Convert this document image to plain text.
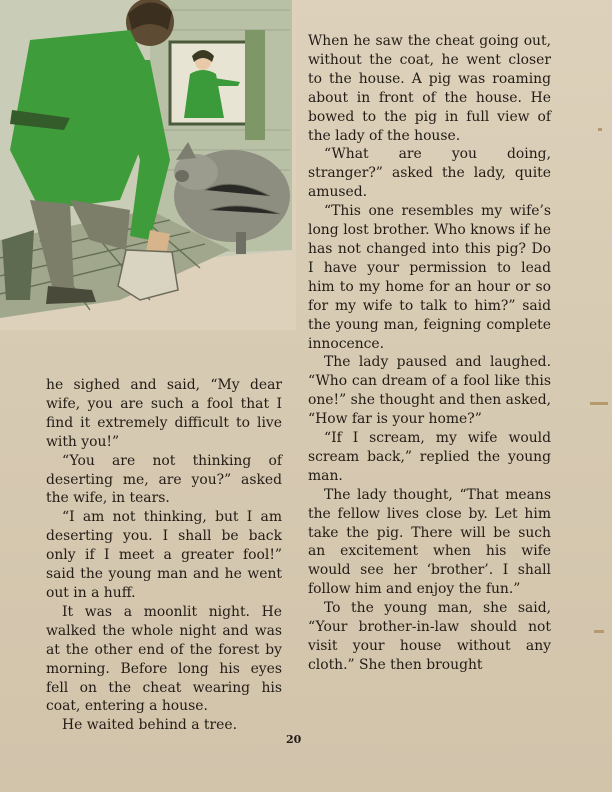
he sighed and said, “My dear wife, you are such a fool that I find it extremely difficult to live with you!”

“You are not thinking of deserting me, are you?” asked the wife, in tears.

“I am not thinking, but I am deserting you. I shall be back only if I meet a greater fool!” said the young man and he went out in a huff.

It was a moonlit night. He walked the whole night and was at the other end of the forest by morning. Before long his eyes fell on the cheat wearing his coat, entering a house.

He waited behind a tree.

When he saw the cheat going out, without the coat, he went closer to the house. A pig was roaming about in front of the house. He bowed to the pig in full view of the lady of the house.

“What are you doing, stranger?” asked the lady, quite amused.

“This one resembles my wife’s long lost brother. Who knows if he has not changed into this pig? Do I have your permission to lead him to my home for an hour or so for my wife to talk to him?” said the young man, feigning complete innocence.

The lady paused and laughed. “Who can dream of a fool like this one!” she thought and then asked, “How far is your home?”

“If I scream, my wife would scream back,” replied the young man.

The lady thought, “That means the fellow lives close by. Let him take the pig. There will be such an excitement when his wife would see her ‘brother’. I shall follow him and enjoy the fun.”

To the young man, she said, “Your brother-in-law should not visit your house without any cloth.” She then brought

20
